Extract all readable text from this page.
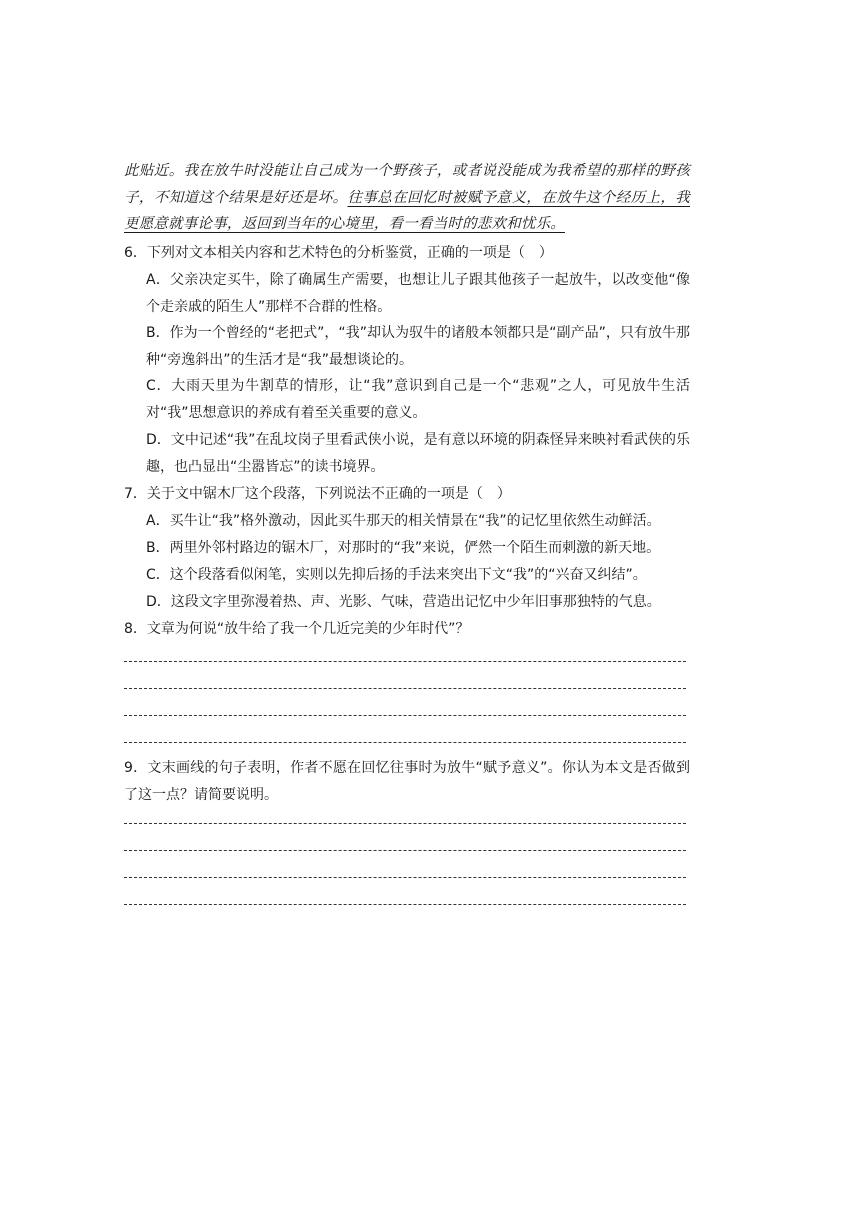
此贴近。我在放牛时没能让自己成为一个野孩子，或者说没能成为我希望的那样的野孩子，不知道这个结果是好还是坏。往事总在回忆时被赋予意义，在放牛这个经历上，我更愿意就事论事，返回到当年的心境里，看一看当时的悲欢和忧乐。
6．下列对文本相关内容和艺术特色的分析鉴赏，正确的一项是（　）
A．父亲决定买牛，除了确属生产需要，也想让儿子跟其他孩子一起放牛，以改变他“像个走亲戚的陌生人”那样不合群的性格。
B．作为一个曾经的“老把式”，“我”却认为驭牛的诸般本领都只是“副产品”，只有放牛那种“旁逸斜出”的生活才是“我”最想谈论的。
C．大雨天里为牛割草的情形，让“我”意识到自己是一个“悲观”之人，可见放牛生活对“我”思想意识的养成有着至关重要的意义。
D．文中记述“我”在乱坟岗子里看武侠小说，是有意以环境的阴森怪异来映衬看武侠的乐趣，也凸显出“尘嚣皆忘”的读书境界。
7．关于文中锯木厂这个段落，下列说法不正确的一项是（　）
A．买牛让“我”格外激动，因此买牛那天的相关情景在“我”的记忆里依然生动鲜活。
B．两里外邻村路边的锯木厂，对那时的“我”来说，俨然一个陌生而刺激的新天地。
C．这个段落看似闲笔，实则以先抑后扬的手法来突出下文“我”的“兴奋又纠结”。
D．这段文字里弥漫着热、声、光影、气味，营造出记忆中少年旧事那独特的气息。
8．文章为何说“放牛给了我一个几近完美的少年时代”？
9．文末画线的句子表明，作者不愿在回忆往事时为放牛“赋予意义”。你认为本文是否做到了这一点？请简要说明。
